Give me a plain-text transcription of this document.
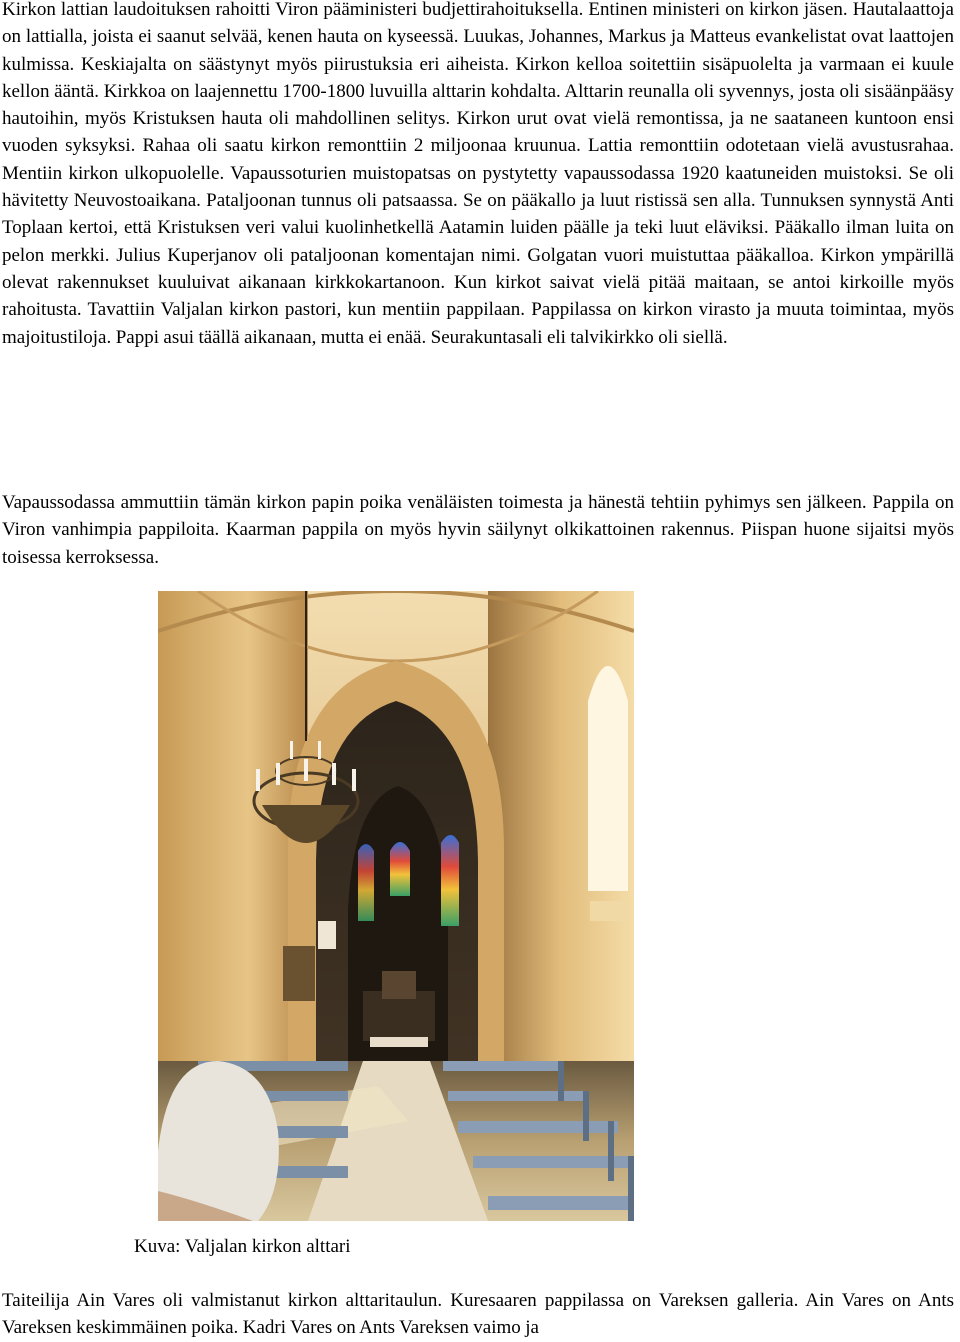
Kirkon lattian laudoituksen rahoitti Viron pääministeri budjettirahoituksella. Entinen ministeri on kirkon jäsen. Hautalaattoja on lattialla, joista ei saanut selvää, kenen hauta on kyseessä. Luukas, Johannes, Markus ja Matteus evankelistat ovat laattojen kulmissa. Keskiajalta on säästynyt myös piirustuksia eri aiheista. Kirkon kelloa soitettiin sisäpuolelta ja varmaan ei kuule kellon ääntä. Kirkkoa on laajennettu 1700-1800 luvuilla alttarin kohdalta. Alttarin reunalla oli syvennys, josta oli sisäänpääsy hautoihin, myös Kristuksen hauta oli mahdollinen selitys. Kirkon urut ovat vielä remontissa, ja ne saataneen kuntoon ensi vuoden syksyksi. Rahaa oli saatu kirkon remonttiin 2 miljoonaa kruunua. Lattia remonttiin odotetaan vielä avustusrahaa. Mentiin kirkon ulkopuolelle. Vapaussoturien muistopatsas on pystytetty vapaussodassa 1920 kaatuneiden muistoksi. Se oli hävitetty Neuvostoaikana. Pataljoonan tunnus oli patsaassa. Se on pääkallo ja luut ristissä sen alla. Tunnuksen synnystä Anti Toplaan kertoi, että Kristuksen veri valui kuolinhetkellä Aatamin luiden päälle ja teki luut eläviksi. Pääkallo ilman luita on pelon merkki. Julius Kuperjanov oli pataljoonan komentajan nimi. Golgatan vuori muistuttaa pääkalloa. Kirkon ympärillä olevat rakennukset kuuluivat aikanaan kirkkokartanoon. Kun kirkot saivat vielä pitää maitaan, se antoi kirkoille myös rahoitusta. Tavattiin Valjalan kirkon pastori, kun mentiin pappilaan. Pappilassa on kirkon virasto ja muuta toimintaa, myös majoitustiloja. Pappi asui täällä aikanaan, mutta ei enää. Seurakuntasali eli talvikirkko oli siellä.

Vapaussodassa ammuttiin tämän kirkon papin poika venäläisten toimesta ja hänestä tehtiin pyhimys sen jälkeen. Pappila on Viron vanhimpia pappiloita. Kaarman pappila on myös hyvin säilynyt olkikattoinen rakennus. Piispan huone sijaitsi myös toisessa kerroksessa.

Kuva: Valjalan kirkon alttari

Taiteilija Ain Vares oli valmistanut kirkon alttaritaulun. Kuresaaren pappilassa on Vareksen galleria. Ain Vares on Ants Vareksen keskimmäinen poika. Kadri Vares on Ants Vareksen vaimo ja
